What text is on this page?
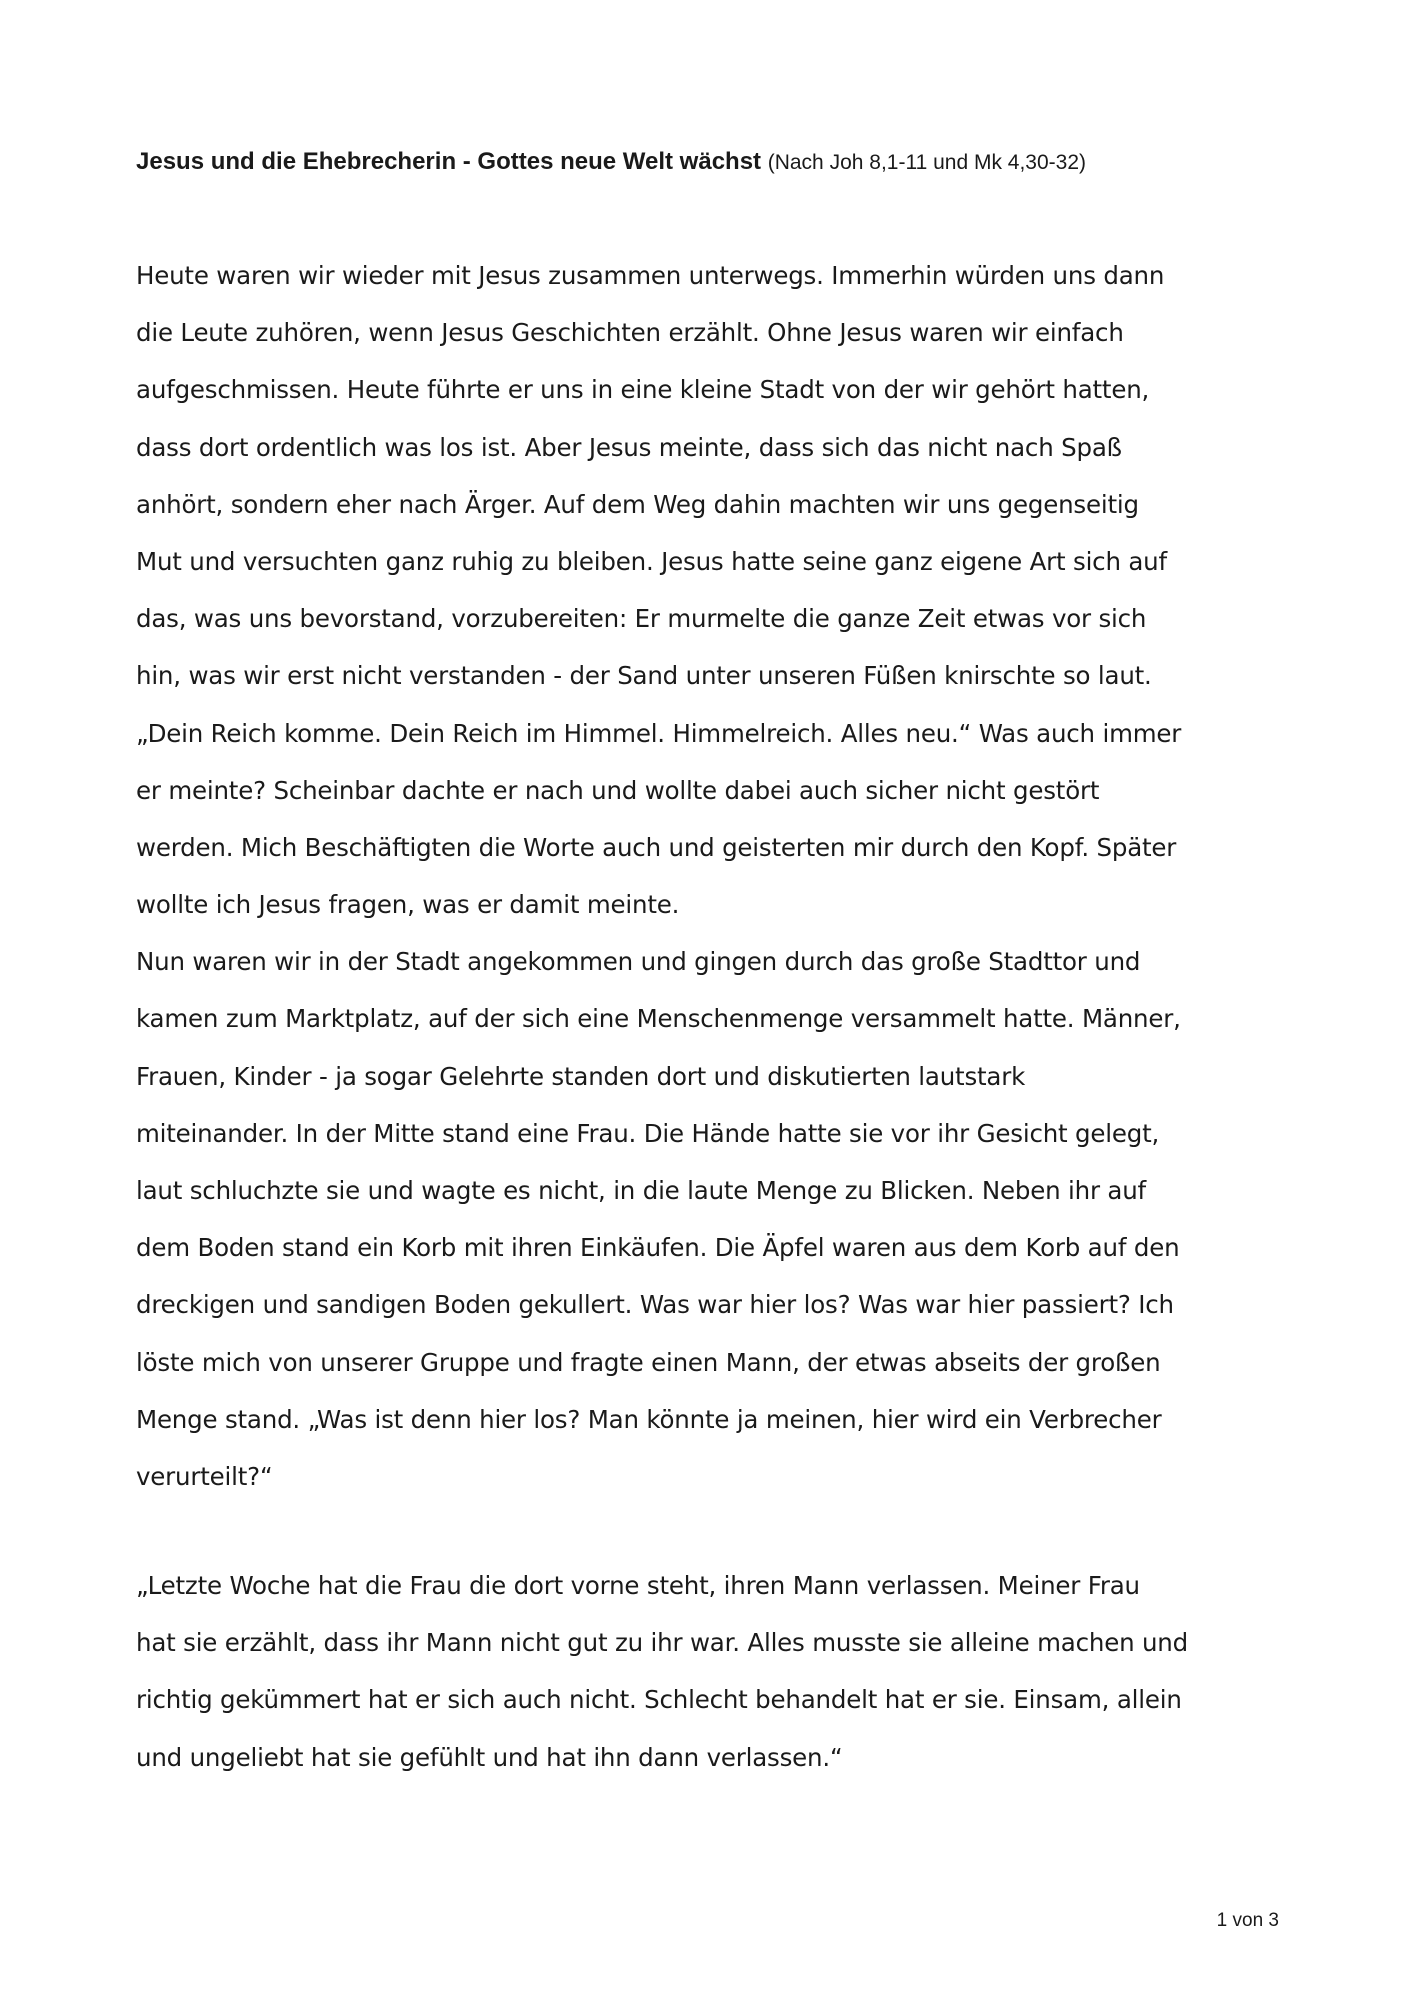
Jesus und die Ehebrecherin - Gottes neue Welt wächst (Nach Joh 8,1-11 und Mk 4,30-32)
Heute waren wir wieder mit Jesus zusammen unterwegs. Immerhin würden uns dann
die Leute zuhören, wenn Jesus Geschichten erzählt. Ohne Jesus waren wir einfach
aufgeschmissen. Heute führte er uns in eine kleine Stadt von der wir gehört hatten,
dass dort ordentlich was los ist. Aber Jesus meinte, dass sich das nicht nach Spaß
anhört, sondern eher nach Ärger. Auf dem Weg dahin machten wir uns gegenseitig
Mut und versuchten ganz ruhig zu bleiben. Jesus hatte seine ganz eigene Art sich auf
das, was uns bevorstand, vorzubereiten: Er murmelte die ganze Zeit etwas vor sich
hin, was wir erst nicht verstanden - der Sand unter unseren Füßen knirschte so laut.
„Dein Reich komme. Dein Reich im Himmel. Himmelreich. Alles neu.“ Was auch immer
er meinte? Scheinbar dachte er nach und wollte dabei auch sicher nicht gestört
werden. Mich Beschäftigten die Worte auch und geisterten mir durch den Kopf. Später
wollte ich Jesus fragen, was er damit meinte.
Nun waren wir in der Stadt angekommen und gingen durch das große Stadttor und
kamen zum Marktplatz, auf der sich eine Menschenmenge versammelt hatte. Männer,
Frauen, Kinder - ja sogar Gelehrte standen dort und diskutierten lautstark
miteinander. In der Mitte stand eine Frau. Die Hände hatte sie vor ihr Gesicht gelegt,
laut schluchzte sie und wagte es nicht, in die laute Menge zu Blicken. Neben ihr auf
dem Boden stand ein Korb mit ihren Einkäufen. Die Äpfel waren aus dem Korb auf den
dreckigen und sandigen Boden gekullert. Was war hier los? Was war hier passiert? Ich
löste mich von unserer Gruppe und fragte einen Mann, der etwas abseits der großen
Menge stand. „Was ist denn hier los? Man könnte ja meinen, hier wird ein Verbrecher
verurteilt?“
„Letzte Woche hat die Frau die dort vorne steht, ihren Mann verlassen. Meiner Frau
hat sie erzählt, dass ihr Mann nicht gut zu ihr war. Alles musste sie alleine machen und
richtig gekümmert hat er sich auch nicht. Schlecht behandelt hat er sie. Einsam, allein
und ungeliebt hat sie gefühlt und hat ihn dann verlassen.“
1 von 3
